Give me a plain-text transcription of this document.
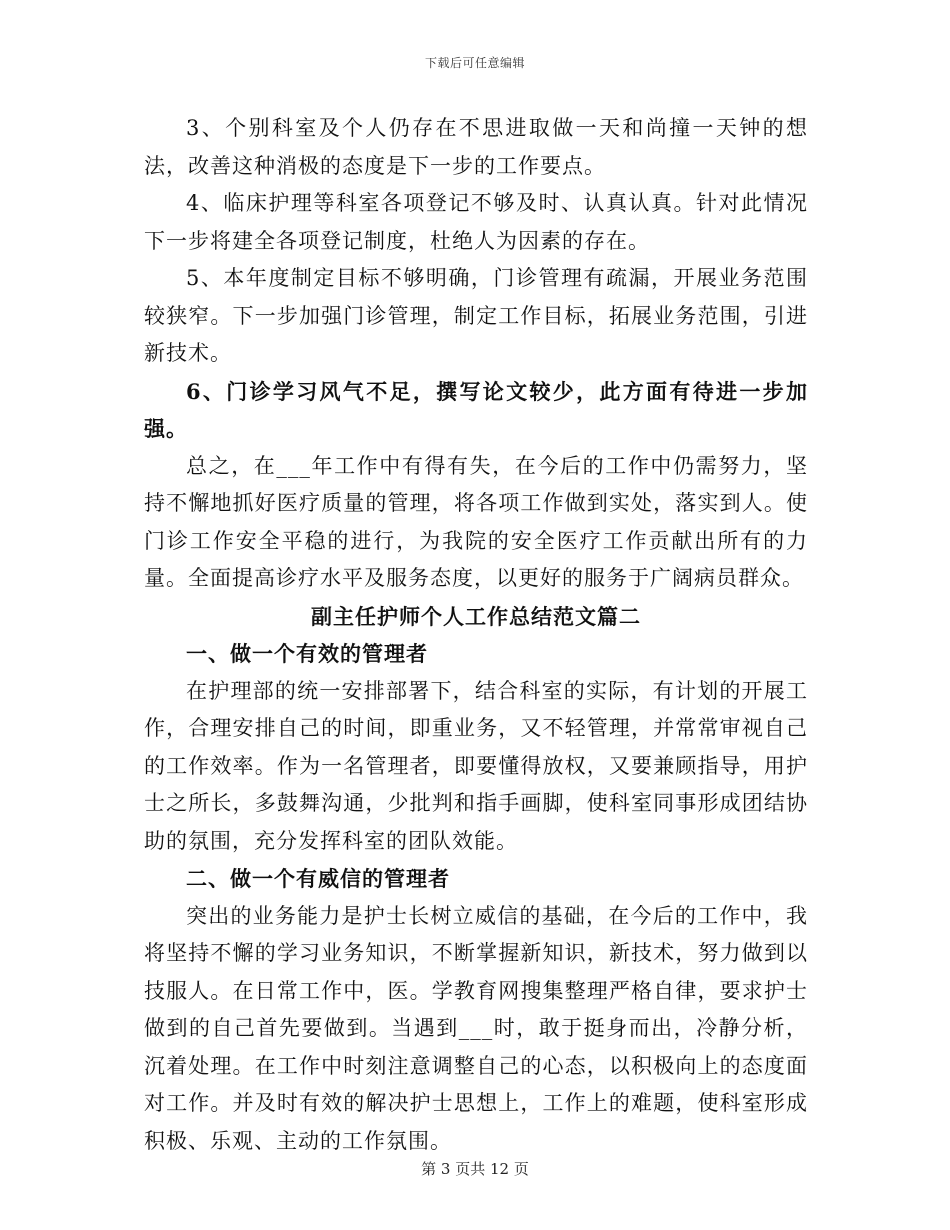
下载后可任意编辑

3、个别科室及个人仍存在不思进取做一天和尚撞一天钟的想法，改善这种消极的态度是下一步的工作要点。

4、临床护理等科室各项登记不够及时、认真认真。针对此情况下一步将建全各项登记制度，杜绝人为因素的存在。

5、本年度制定目标不够明确，门诊管理有疏漏，开展业务范围较狭窄。下一步加强门诊管理，制定工作目标，拓展业务范围，引进新技术。

6、门诊学习风气不足，撰写论文较少，此方面有待进一步加强。

总之，在___年工作中有得有失，在今后的工作中仍需努力，坚持不懈地抓好医疗质量的管理，将各项工作做到实处，落实到人。使门诊工作安全平稳的进行，为我院的安全医疗工作贡献出所有的力量。全面提高诊疗水平及服务态度，以更好的服务于广阔病员群众。

副主任护师个人工作总结范文篇二

一、做一个有效的管理者

在护理部的统一安排部署下，结合科室的实际，有计划的开展工作，合理安排自己的时间，即重业务，又不轻管理，并常常审视自己的工作效率。作为一名管理者，即要懂得放权，又要兼顾指导，用护士之所长，多鼓舞沟通，少批判和指手画脚，使科室同事形成团结协助的氛围，充分发挥科室的团队效能。

二、做一个有威信的管理者

突出的业务能力是护士长树立威信的基础，在今后的工作中，我将坚持不懈的学习业务知识，不断掌握新知识，新技术，努力做到以技服人。在日常工作中，医。学教育网搜集整理严格自律，要求护士做到的自己首先要做到。当遇到___时，敢于挺身而出，冷静分析，沉着处理。在工作中时刻注意调整自己的心态，以积极向上的态度面对工作。并及时有效的解决护士思想上，工作上的难题，使科室形成积极、乐观、主动的工作氛围。

第 3 页共 12 页
